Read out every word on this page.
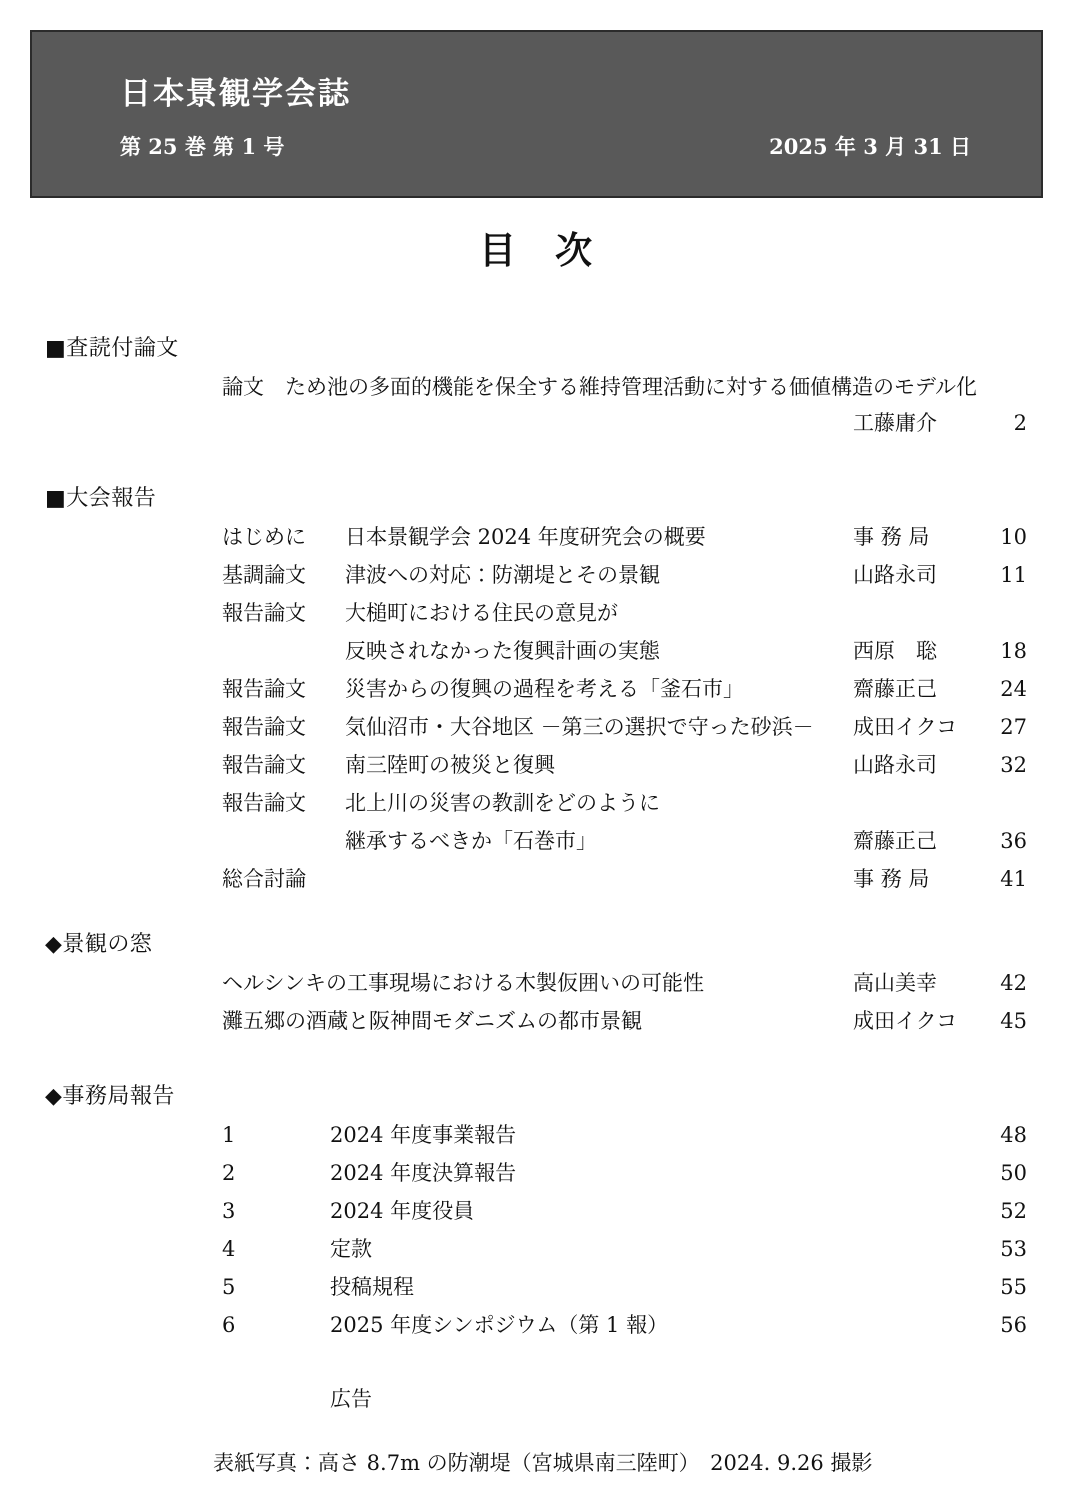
日本景観学会誌
第 25 巻 第 1 号	2025 年 3 月 31 日
目　次
■査読付論文
論文　ため池の多面的機能を保全する維持管理活動に対する価値構造のモデル化
工藤庸介	2
■大会報告
はじめに	日本景観学会 2024 年度研究会の概要	事 務 局	10
基調論文	津波への対応：防潮堤とその景観	山路永司	11
報告論文	大槌町における住民の意見が
反映されなかった復興計画の実態	西原　聡	18
報告論文	災害からの復興の過程を考える「釜石市」	齋藤正己	24
報告論文	気仙沼市・大谷地区 －第三の選択で守った砂浜－	成田イクコ	27
報告論文	南三陸町の被災と復興	山路永司	32
報告論文	北上川の災害の教訓をどのように
継承するべきか「石巻市」	齋藤正己	36
総合討論	事 務 局	41
◆景観の窓
ヘルシンキの工事現場における木製仮囲いの可能性	高山美幸	42
灘五郷の酒蔵と阪神間モダニズムの都市景観	成田イクコ	45
◆事務局報告
1	2024 年度事業報告	48
2	2024 年度決算報告	50
3	2024 年度役員	52
4	定款	53
5	投稿規程	55
6	2025 年度シンポジウム（第 1 報）	56
広告
表紙写真：高さ 8.7m の防潮堤（宮城県南三陸町）　2024. 9.26 撮影
